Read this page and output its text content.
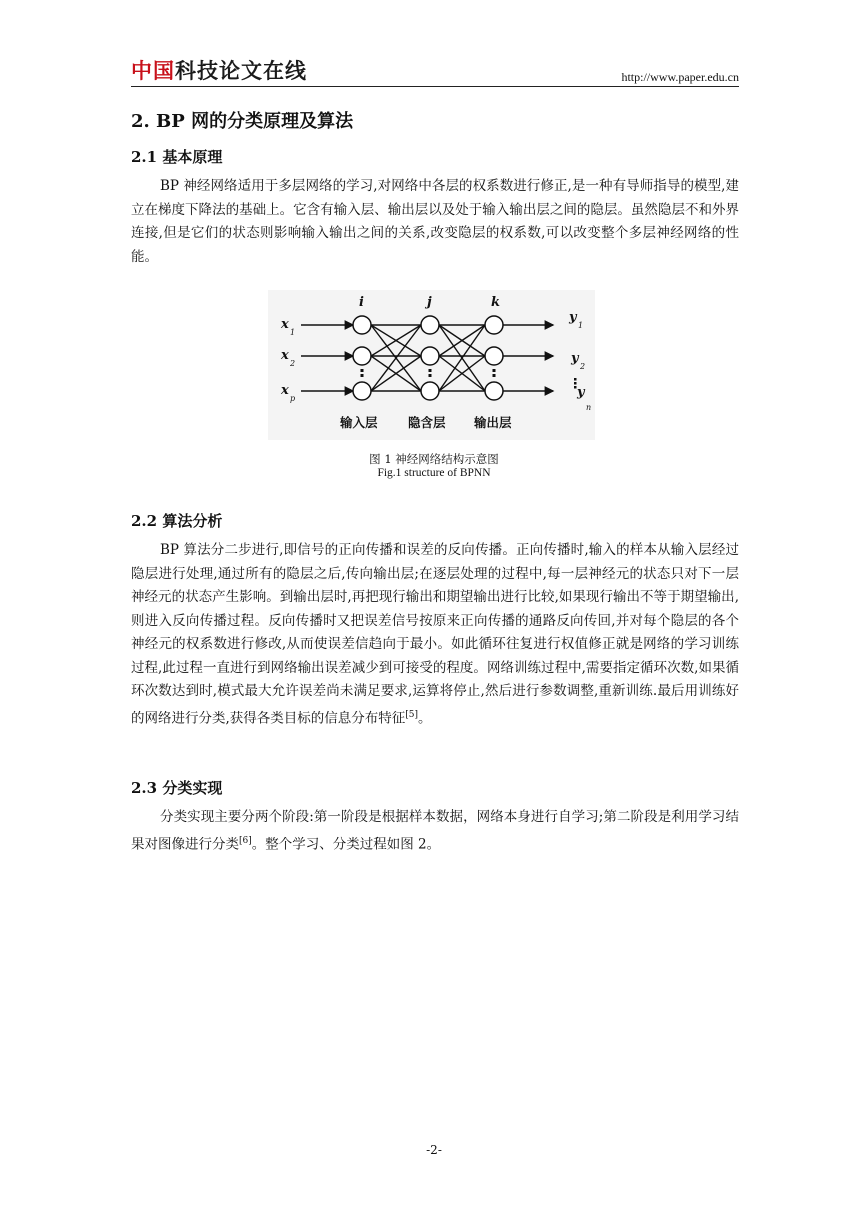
中国科技论文在线	http://www.paper.edu.cn
2. BP 网的分类原理及算法
2.1 基本原理

BP 神经网络适用于多层网络的学习,对网络中各层的权系数进行修正,是一种有导师指导的模型,建立在梯度下降法的基础上。它含有输入层、输出层以及处于输入输出层之间的隐层。虽然隐层不和外界连接,但是它们的状态则影响输入输出之间的关系,改变隐层的权系数,可以改变整个多层神经网络的性能。

i	j	k
x
x
x
y
y
y
1
2
p
1
2
n
输入层 隐含层 输出层
图 1 神经网络结构示意图
Fig.1 structure of BPNN
2.2 算法分析

BP 算法分二步进行,即信号的正向传播和误差的反向传播。正向传播时,输入的样本从输入层经过隐层进行处理,通过所有的隐层之后,传向输出层;在逐层处理的过程中,每一层神经元的状态只对下一层神经元的状态产生影响。到输出层时,再把现行输出和期望输出进行比较,如果现行输出不等于期望输出,则进入反向传播过程。反向传播时又把误差信号按原来正向传播的通路反向传回,并对每个隐层的各个神经元的权系数进行修改,从而使误差信趋向于最小。如此循环往复进行权值修正就是网络的学习训练过程,此过程一直进行到网络输出误差减少到可接受的程度。网络训练过程中,需要指定循环次数,如果循环次数达到时,模式最大允许误差尚未满足要求,运算将停止,然后进行参数调整,重新训练.最后用训练好的网络进行分类,获得各类目标的信息分布特征[5]。

2.3 分类实现

分类实现主要分两个阶段:第一阶段是根据样本数据，网络本身进行自学习;第二阶段是利用学习结果对图像进行分类[6]。整个学习、分类过程如图 2。

-2-
